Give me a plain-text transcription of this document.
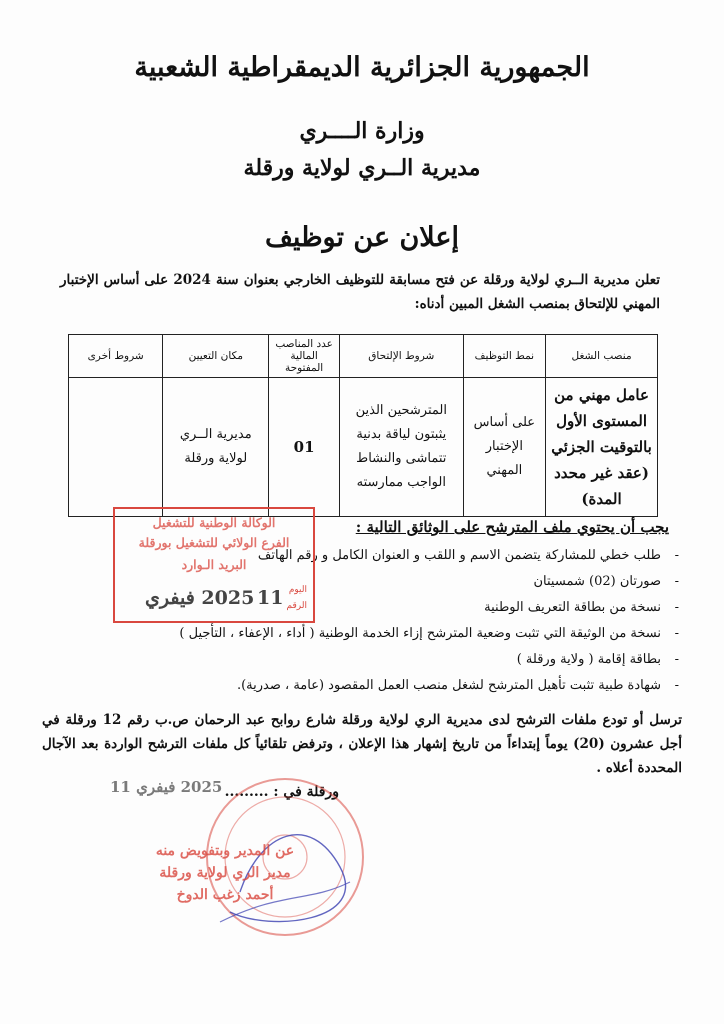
الجمهورية الجزائرية الديمقراطية الشعبية
وزارة الــــري
مديرية الــري لولاية ورقلة
إعلان عن توظيف
تعلن مديرية الــري لولاية ورقلة عن فتح مسابقة للتوظيف الخارجي بعنوان سنة 2024 على أساس الإختبار المهني للإلتحاق بمنصب الشغل المبين أدناه:
منصب الشغل	نمط التوظيف	شروط الإلتحاق	عدد المناصب المالية المفتوحة	مكان التعيين	شروط أخرى
عامل مهني من المستوى الأول بالتوقيت الجزئي (عقد غير محدد المدة)	على أساس الإختبار المهني	المترشحين الذين يثبتون لياقة بدنية تتماشى والنشاط الواجب ممارسته	01	مديرية الــري لولاية ورقلة	
يجب أن يحتوي ملف المترشح على الوثائق التالية :
- طلب خطي للمشاركة يتضمن الاسم و اللقب و العنوان الكامل و رقم الهاتف
- صورتان (02) شمسيتان
- نسخة من بطاقة التعريف الوطنية
- نسخة من الوثيقة التي تثبت وضعية المترشح إزاء الخدمة الوطنية ( أداء ، الإعفاء ، التأجيل )
- بطاقة إقامة ( ولاية ورقلة )
- شهادة طبية تثبت تأهيل المترشح لشغل منصب العمل المقصود (عامة ، صدرية).
ترسل أو تودع ملفات الترشح لدى مديرية الري لولاية ورقلة شارع روابح عبد الرحمان ص.ب رقم 12 ورقلة في أجل عشرون (20) يوماً إبتداءاً من تاريخ إشهار هذا الإعلان ، وترفض تلقائياً كل ملفات الترشح الواردة بعد الآجال المحددة أعلاه .
ورقلة في : .........
2025 فيفري 11
الوكالة الوطنية للتشغيل
الفرع الولائي للتشغيل بورقلة
البريد الـوارد
اليوم
الرقم
11
2025 فيفري
عن المدير وبتفويض منه
مدير الري لولاية ورقلة
أحمد زغب الدوخ
